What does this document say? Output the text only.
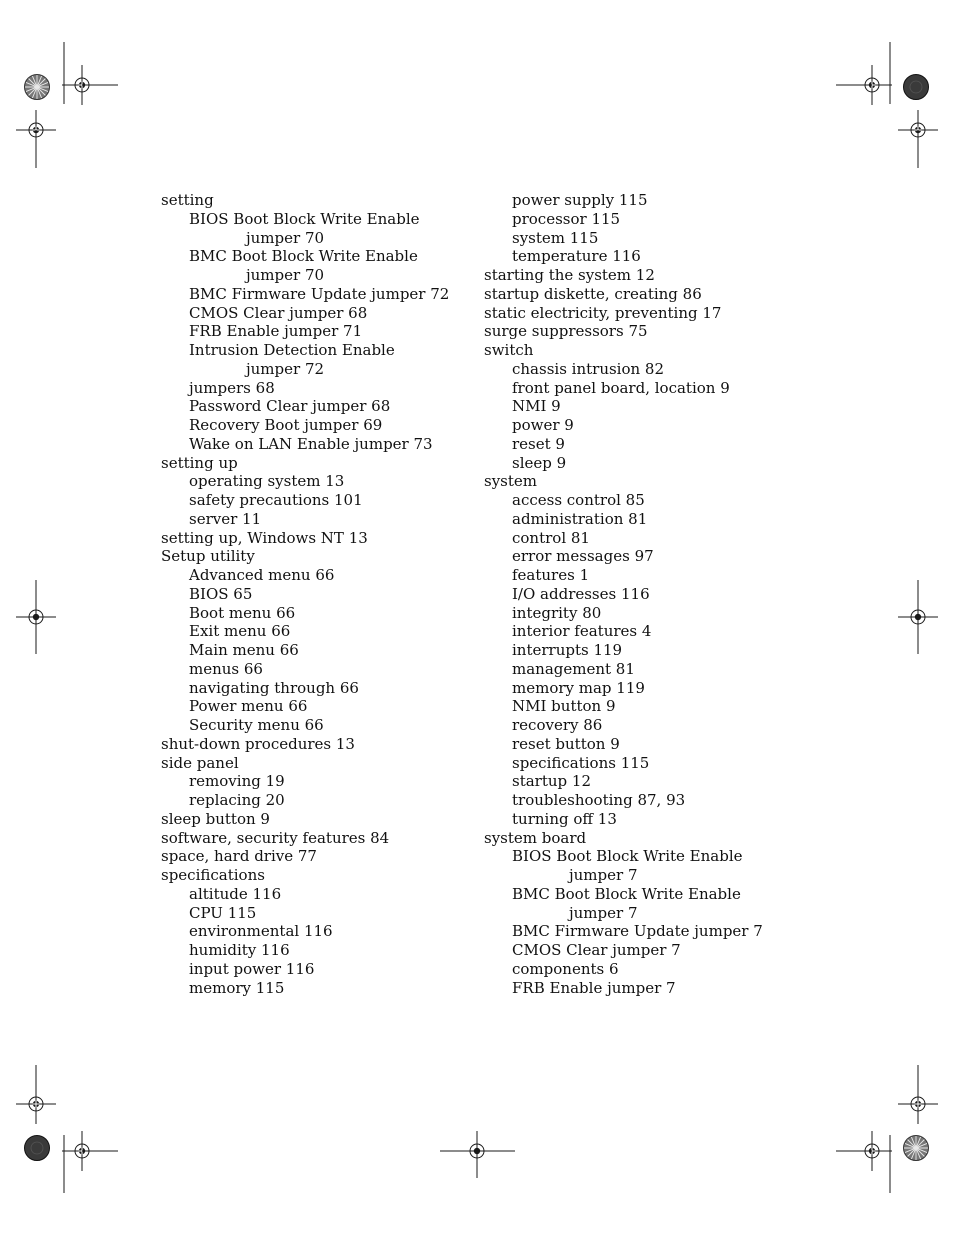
setting
BIOS Boot Block Write Enable
jumper 70
BMC Boot Block Write Enable
jumper 70
BMC Firmware Update jumper 72
CMOS Clear jumper 68
FRB Enable jumper 71
Intrusion Detection Enable
jumper 72
jumpers 68
Password Clear jumper 68
Recovery Boot jumper 69
Wake on LAN Enable jumper 73
setting up
operating system 13
safety precautions 101
server 11
setting up, Windows NT 13
Setup utility
Advanced menu 66
BIOS 65
Boot menu 66
Exit menu 66
Main menu 66
menus 66
navigating through 66
Power menu 66
Security menu 66
shut-down procedures 13
side panel
removing 19
replacing 20
sleep button 9
software, security features 84
space, hard drive 77
specifications
altitude 116
CPU 115
environmental 116
humidity 116
input power 116
memory 115
power supply 115
processor 115
system 115
temperature 116
starting the system 12
startup diskette, creating 86
static electricity, preventing 17
surge suppressors 75
switch
chassis intrusion 82
front panel board, location 9
NMI 9
power 9
reset 9
sleep 9
system
access control 85
administration 81
control 81
error messages 97
features 1
I/O addresses 116
integrity 80
interior features 4
interrupts 119
management 81
memory map 119
NMI button 9
recovery 86
reset button 9
specifications 115
startup 12
troubleshooting 87, 93
turning off 13
system board
BIOS Boot Block Write Enable
jumper 7
BMC Boot Block Write Enable
jumper 7
BMC Firmware Update jumper 7
CMOS Clear jumper 7
components 6
FRB Enable jumper 7
